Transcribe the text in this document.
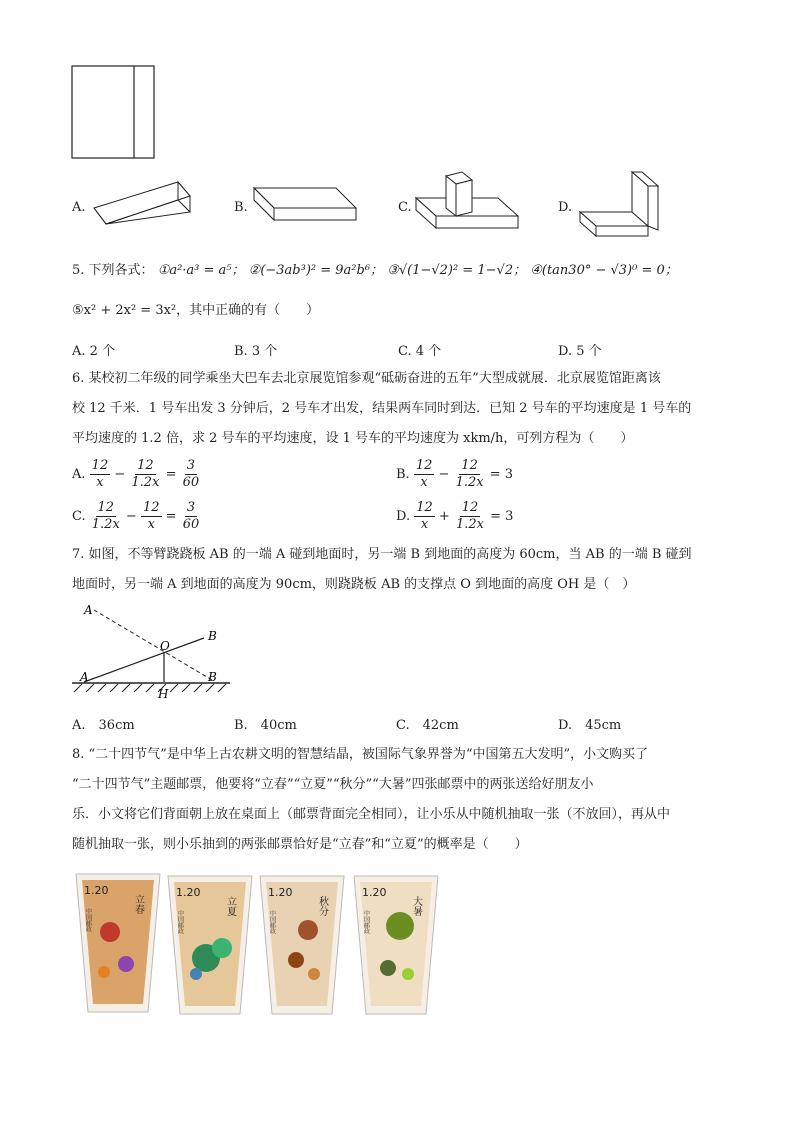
A.	B.	C.	D.
5. 下列各式： ①a²·a³ = a⁵； ②(−3ab³)² = 9a²b⁶； ③√(1−√2)² = 1−√2； ④(tan30° − √3)⁰ = 0；
⑤x² + 2x² = 3x²，其中正确的有（　　）
A. 2 个	B. 3 个	C. 4 个	D. 5 个
6. 某校初二年级的同学乘坐大巴车去北京展览馆参观“砥砺奋进的五年”大型成就展．北京展览馆距离该
校 12 千米．1 号车出发 3 分钟后，2 号车才出发，结果两车同时到达．已知 2 号车的平均速度是 1 号车的
平均速度的 1.2 倍，求 2 号车的平均速度，设 1 号车的平均速度为 xkm/h，可列方程为（　　）
A. $\frac{12}{x} - \frac{12}{1.2x} = \frac{3}{60}$	B. $\frac{12}{x} - \frac{12}{1.2x} = 3$
C. $\frac{12}{1.2x} - \frac{12}{x} = \frac{3}{60}$	D. $\frac{12}{x} + \frac{12}{1.2x} = 3$
7. 如图，不等臂跷跷板 AB 的一端 A 碰到地面时，另一端 B 到地面的高度为 60cm，当 AB 的一端 B 碰到
地面时，另一端 A 到地面的高度为 90cm，则跷跷板 AB 的支撑点 O 到地面的高度 OH 是（　）
A
O
B
A
H
B
A.　36cm	B.　40cm	C.　42cm	D.　45cm
8. “二十四节气”是中华上古农耕文明的智慧结晶，被国际气象界誉为“中国第五大发明”，小文购买了
“二十四节气”主题邮票，他要将“立春”“立夏”“秋分”“大暑”四张邮票中的两张送给好朋友小
乐．小文将它们背面朝上放在桌面上（邮票背面完全相同），让小乐从中随机抽取一张（不放回），再从中
随机抽取一张，则小乐抽到的两张邮票恰好是“立春”和“立夏”的概率是（　　）
1.20
立春
中国邮政
1.20
立夏
中国邮政
1.20
秋分
中国邮政
1.20
大暑
中国邮政
